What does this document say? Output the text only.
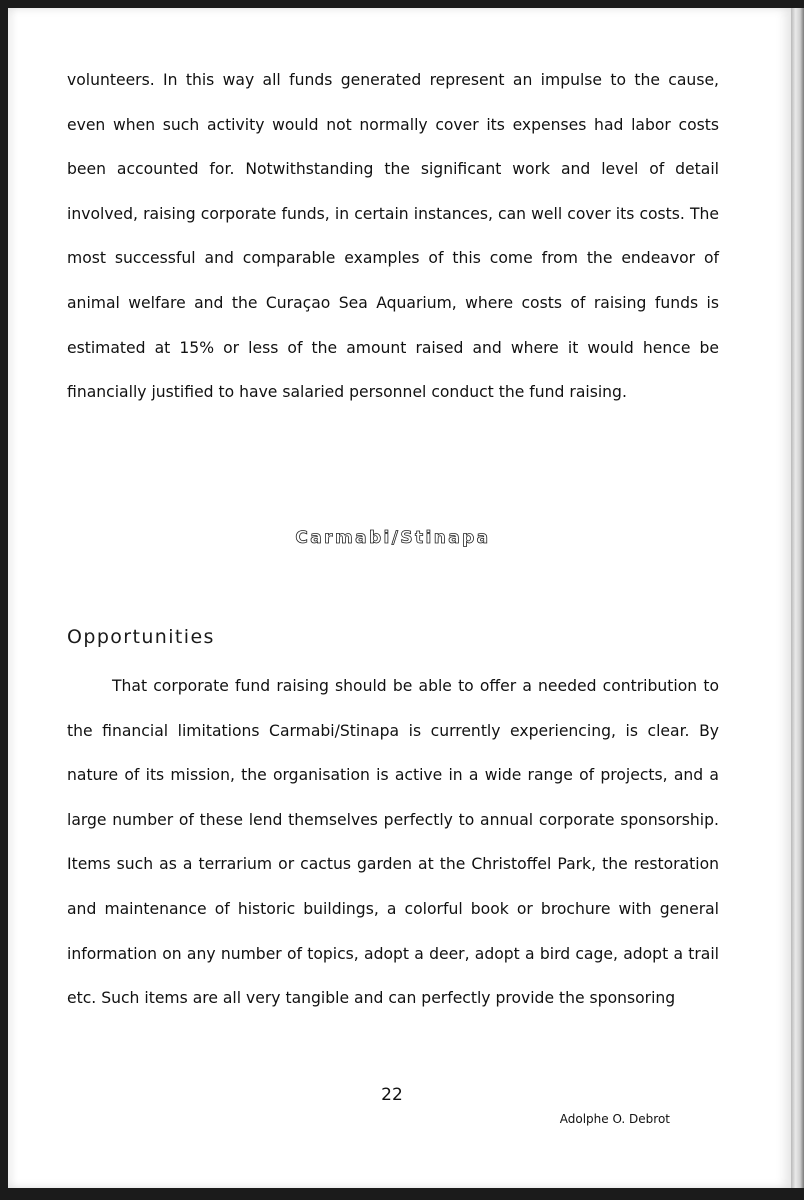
volunteers. In this way all funds generated represent an impulse to the cause, even when such activity would not normally cover its expenses had labor costs been accounted for. Notwithstanding the significant work and level of detail involved, raising corporate funds, in certain instances, can well cover its costs. The most successful and comparable examples of this come from the endeavor of animal welfare and the Curaçao Sea Aquarium, where costs of raising funds is estimated at 15% or less of the amount raised and where it would hence be financially justified to have salaried personnel conduct the fund raising.

Carmabi/Stinapa
Opportunities

That corporate fund raising should be able to offer a needed contribution to the financial limitations Carmabi/Stinapa is currently experiencing, is clear. By nature of its mission, the organisation is active in a wide range of projects, and a large number of these lend themselves perfectly to annual corporate sponsorship. Items such as a terrarium or cactus garden at the Christoffel Park, the restoration and maintenance of historic buildings, a colorful book or brochure with general information on any number of topics, adopt a deer, adopt a bird cage, adopt a trail etc. Such items are all very tangible and can perfectly provide the sponsoring

22
Adolphe O. Debrot
